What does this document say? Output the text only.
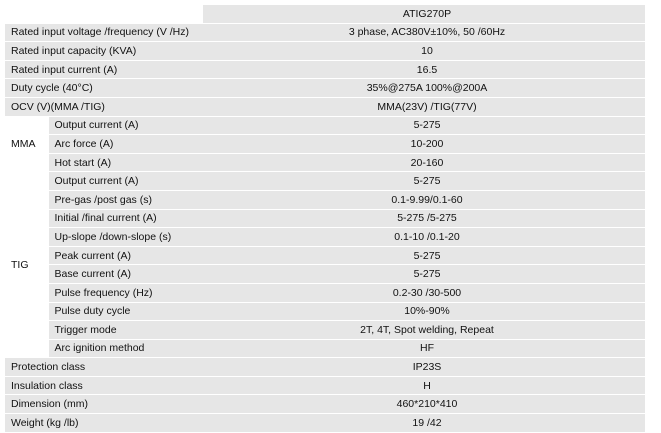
		ATIG270P
Rated input voltage /frequency (V /Hz)		3 phase, AC380V±10%, 50 /60Hz
Rated input capacity (KVA)		10
Rated input current (A)		16.5
Duty cycle (40°C)		35%@275A 100%@200A
OCV (V)(MMA /TIG)		MMA(23V) /TIG(77V)
MMA	Output current (A)	5-275
	Arc force (A)	10-200
	Hot start (A)	20-160
TIG	Output current (A)	5-275
	Pre-gas /post gas (s)	0.1-9.99/0.1-60
	Initial /final current (A)	5-275 /5-275
	Up-slope /down-slope (s)	0.1-10 /0.1-20
	Peak current (A)	5-275
	Base current (A)	5-275
	Pulse frequency (Hz)	0.2-30 /30-500
	Pulse duty cycle	10%-90%
	Trigger mode	2T, 4T, Spot welding, Repeat
	Arc ignition method	HF
Protection class		IP23S
Insulation class		H
Dimension (mm)		460*210*410
Weight (kg /lb)		19 /42
